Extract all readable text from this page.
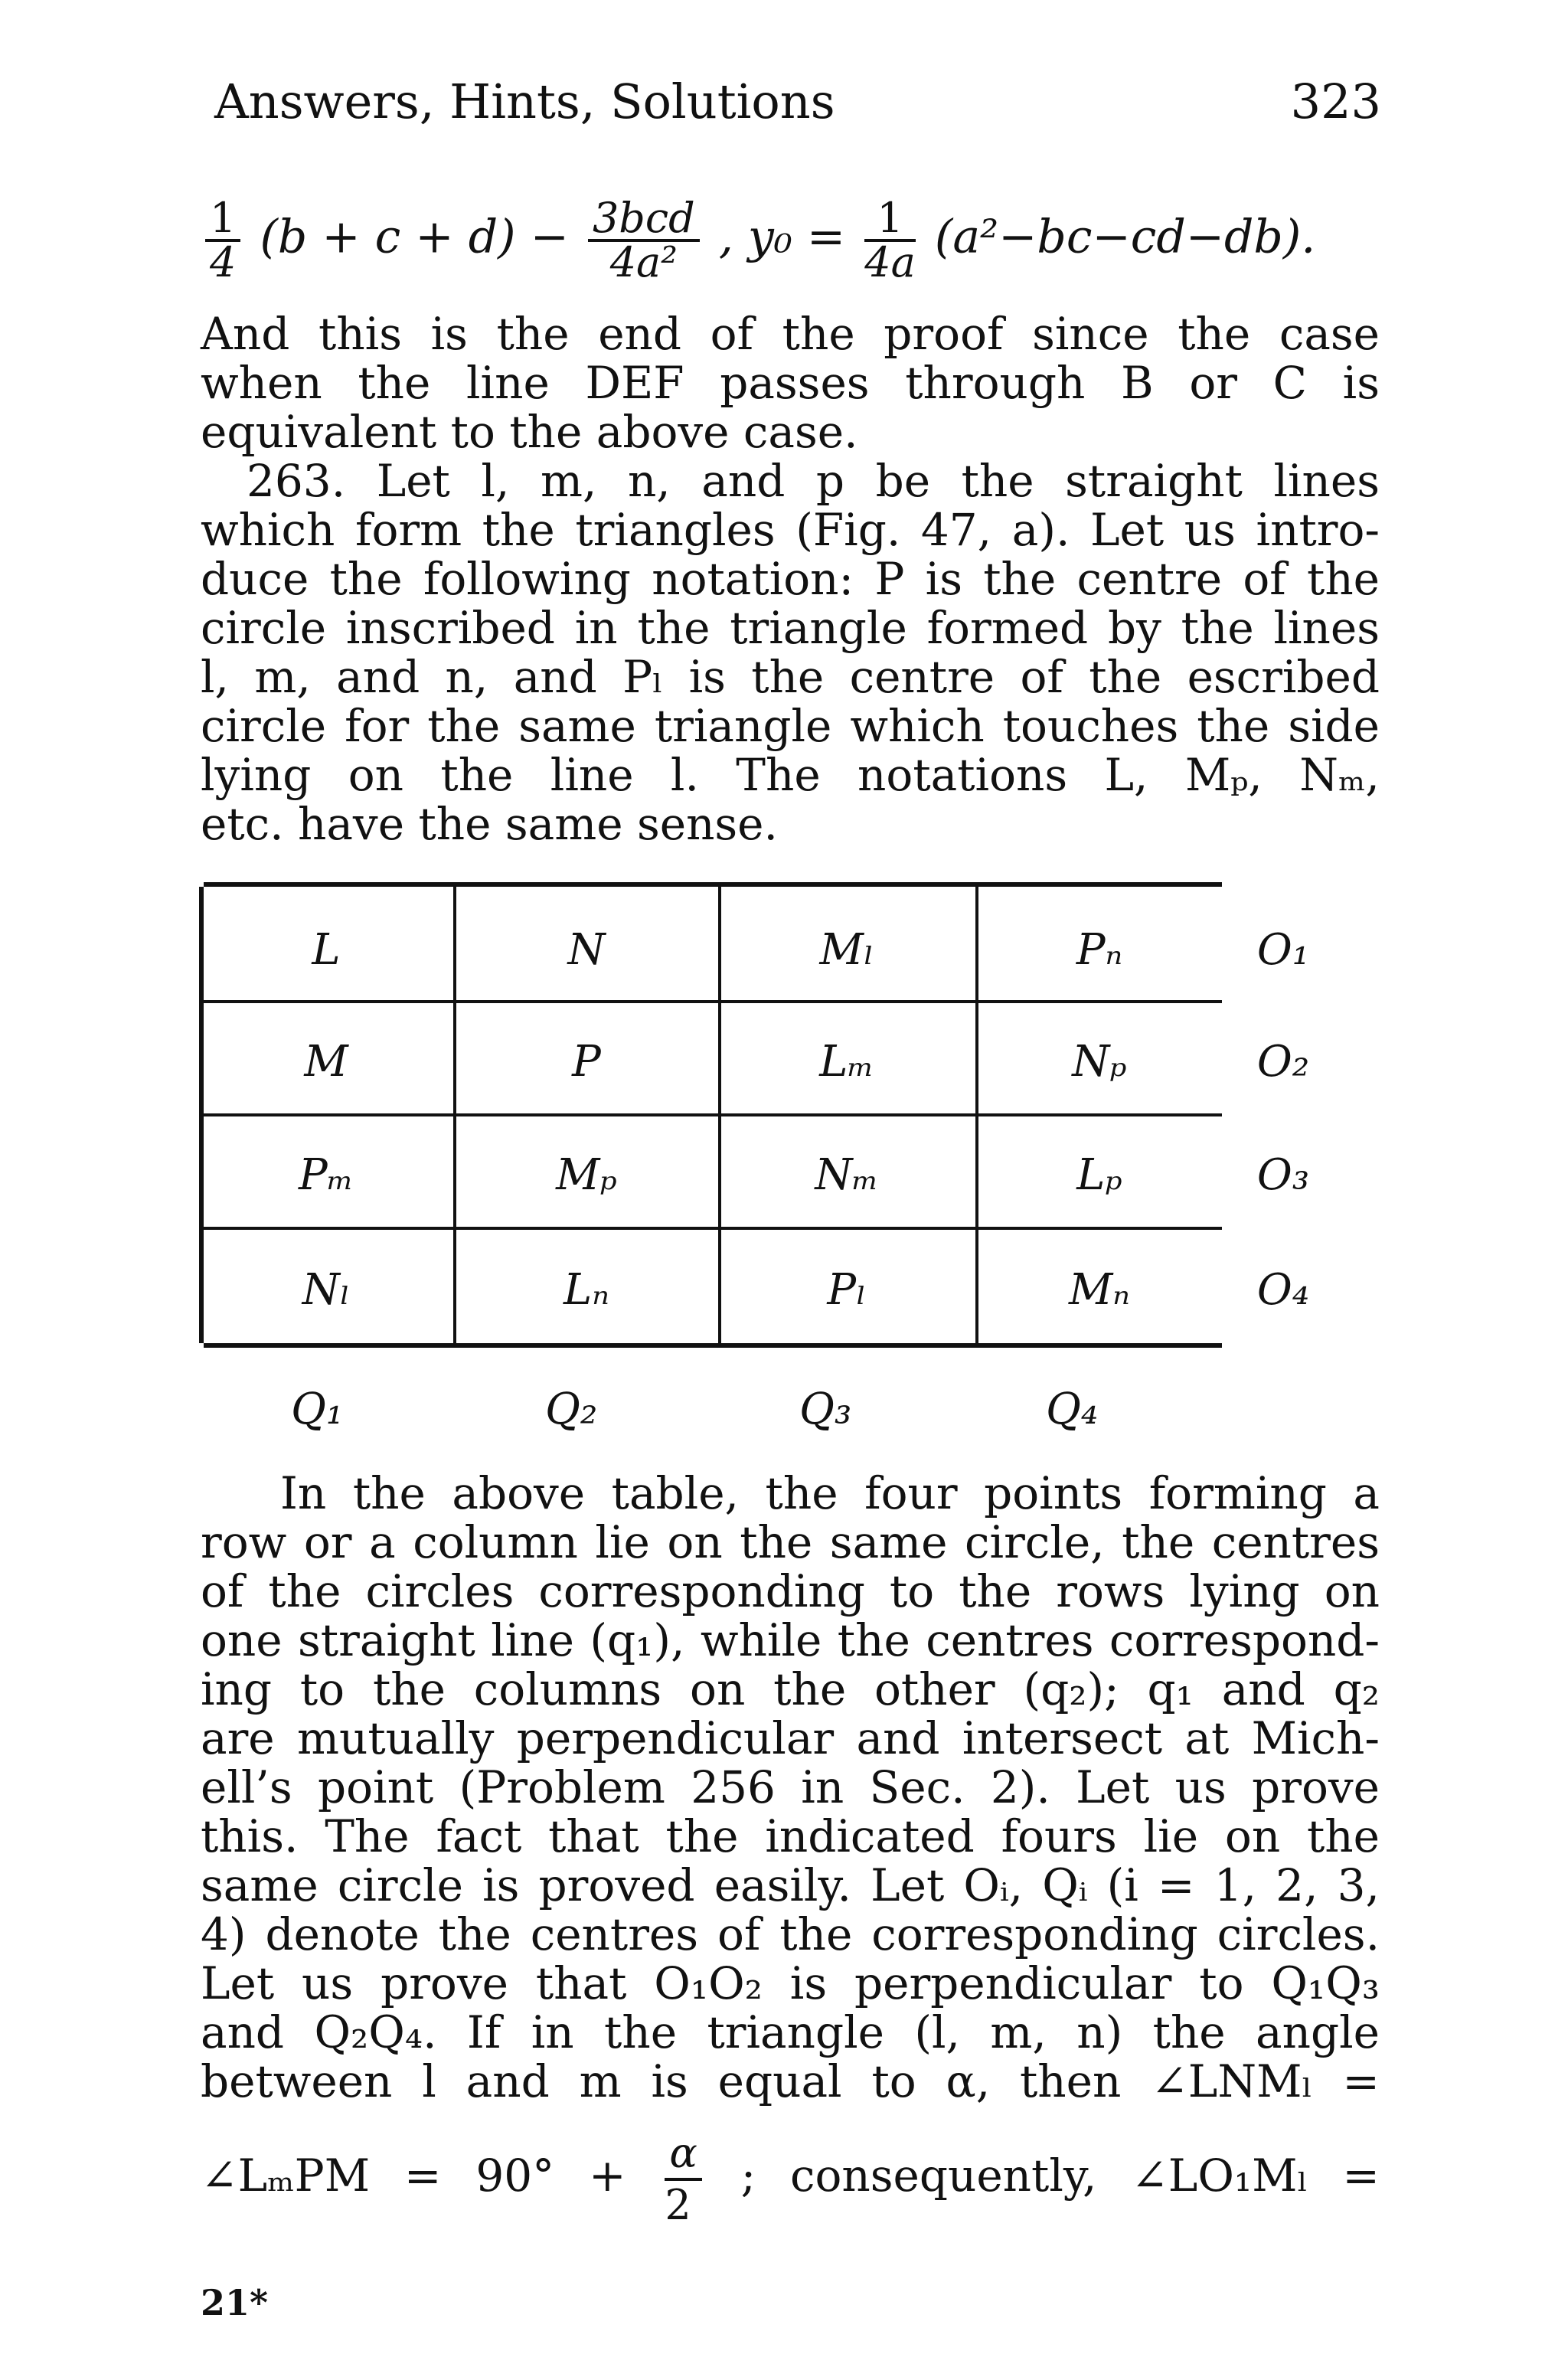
Answers, Hints, Solutions	323
$\frac{1}{4} (b + c + d) - \frac{\text{3bcd}}{\text{4a²}}$ , $y_0 = \frac{1}{4a} (a^2-bc-cd-db)$.
And this is the end of the proof since the case
when the line DEF passes through B or C is
equivalent to the above case.
263. Let l, m, n, and p be the straight lines
which form the triangles (Fig. 47, a). Let us intro-
duce the following notation: P is the centre of the
circle inscribed in the triangle formed by the lines
l, m, and n, and Pₗ is the centre of the escribed
circle for the same triangle which touches the side
lying on the line l. The notations L, Mₚ, Nₘ,
etc. have the same sense.
L	N	Mₗ	Pₙ	O₁
M	P	Lₘ	Nₚ	O₂
Pₘ	Mₚ	Nₘ	Lₚ	O₃
Nₗ	Lₙ	Pₗ	Mₙ	O₄
Q₁	Q₂	Q₃	Q₄
In the above table, the four points forming a
row or a column lie on the same circle, the centres
of the circles corresponding to the rows lying on
one straight line (q₁), while the centres correspond-
ing to the columns on the other (q₂); q₁ and q₂
are mutually perpendicular and intersect at Mich-
ell’s point (Problem 256 in Sec. 2). Let us prove
this. The fact that the indicated fours lie on the
same circle is proved easily. Let Oᵢ, Qᵢ (i = 1, 2, 3,
4) denote the centres of the corresponding circles.
Let us prove that O₁O₂ is perpendicular to Q₁Q₃
and Q₂Q₄. If in the triangle (l, m, n) the angle
between l and m is equal to α, then ∠LNMₗ =
∠LₘPM = $90^\circ + \frac{\alpha}{2}$ ; consequently, ∠LO₁Mₗ =
21*
